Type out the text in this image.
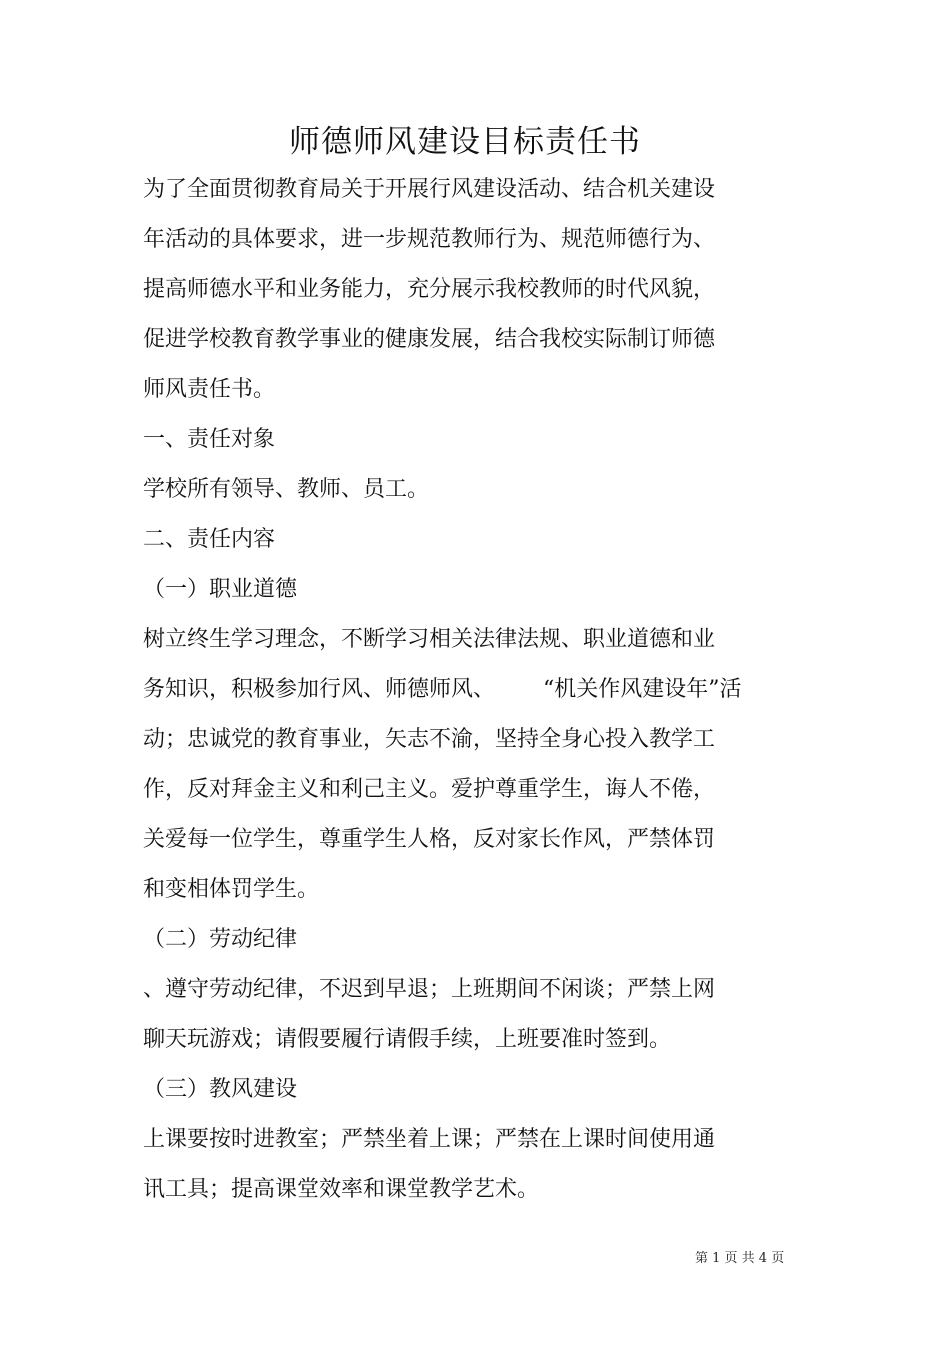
师德师风建设目标责任书
为了全面贯彻教育局关于开展行风建设活动、结合机关建设
年活动的具体要求，进一步规范教师行为、规范师德行为、
提高师德水平和业务能力，充分展示我校教师的时代风貌，
促进学校教育教学事业的健康发展，结合我校实际制订师德
师风责任书。
一、责任对象
学校所有领导、教师、员工。
二、责任内容
（一）职业道德
树立终生学习理念，不断学习相关法律法规、职业道德和业
务知识，积极参加行风、师德师风、 “机关作风建设年”活
动；忠诚党的教育事业，矢志不渝，坚持全身心投入教学工
作，反对拜金主义和利己主义。爱护尊重学生，诲人不倦，
关爱每一位学生，尊重学生人格，反对家长作风，严禁体罚
和变相体罚学生。
（二）劳动纪律
、遵守劳动纪律，不迟到早退；上班期间不闲谈；严禁上网
聊天玩游戏；请假要履行请假手续，上班要准时签到。
（三）教风建设
上课要按时进教室；严禁坐着上课；严禁在上课时间使用通
讯工具；提高课堂效率和课堂教学艺术。
第 1 页 共 4 页
